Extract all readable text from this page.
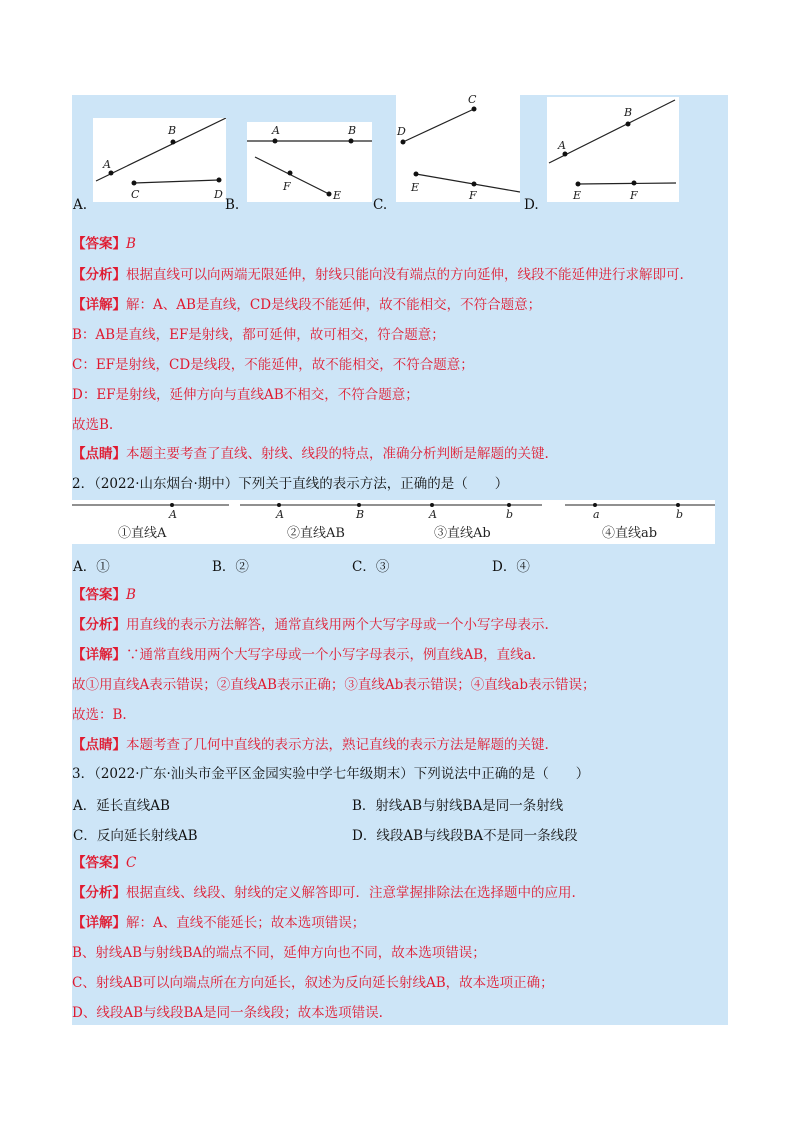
A
B
C	D
A.
A	B
F
E
B.
C
D
E
F
C.
B
A
E	F
D.
【答案】B
【分析】根据直线可以向两端无限延伸，射线只能向没有端点的方向延伸，线段不能延伸进行求解即可.
【详解】解：A、AB是直线，CD是线段不能延伸，故不能相交，不符合题意；
B：AB是直线，EF是射线，都可延伸，故可相交，符合题意；
C：EF是射线，CD是线段，不能延伸，故不能相交，不符合题意；
D：EF是射线，延伸方向与直线AB不相交，不符合题意；
故选B.
【点睛】本题主要考查了直线、射线、线段的特点，准确分析判断是解题的关键.
2．（2022·山东烟台·期中）下列关于直线的表示方法，正确的是（　　）
A	A	B	A	b	a	b
①直线A	②直线AB	③直线Ab	④直线ab
A．①	B．②	C．③	D．④
【答案】B
【分析】用直线的表示方法解答，通常直线用两个大写字母或一个小写字母表示.
【详解】∵通常直线用两个大写字母或一个小写字母表示，例直线AB，直线a.
故①用直线A表示错误；②直线AB表示正确；③直线Ab表示错误；④直线ab表示错误；
故选：B.
【点睛】本题考查了几何中直线的表示方法，熟记直线的表示方法是解题的关键.
3．（2022·广东·汕头市金平区金园实验中学七年级期末）下列说法中正确的是（　　）
A．延长直线AB	B．射线AB与射线BA是同一条射线
C．反向延长射线AB	D．线段AB与线段BA不是同一条线段
【答案】C
【分析】根据直线、线段、射线的定义解答即可．注意掌握排除法在选择题中的应用.
【详解】解：A、直线不能延长；故本选项错误；
B、射线AB与射线BA的端点不同，延伸方向也不同，故本选项错误；
C、射线AB可以向端点所在方向延长，叙述为反向延长射线AB，故本选项正确；
D、线段AB与线段BA是同一条线段；故本选项错误.
